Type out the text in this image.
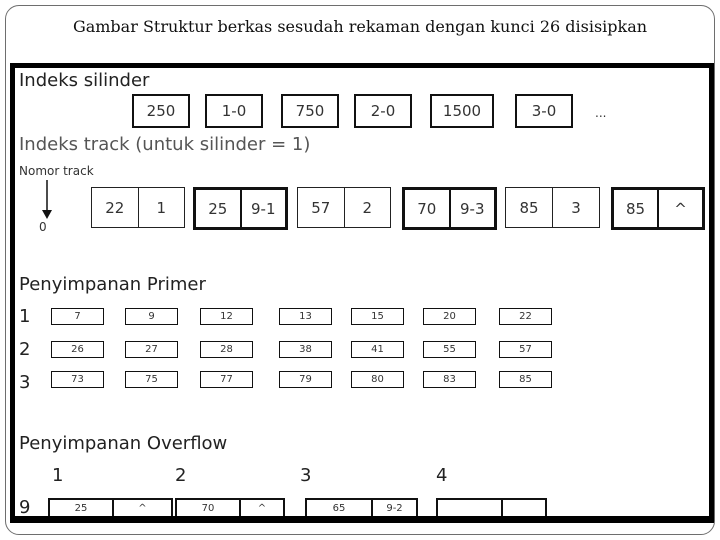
Gambar Struktur berkas sesudah rekaman dengan kunci 26 disisipkan
Indeks silinder
250	1-0	750	2-0	1500	3-0	...
Indeks track (untuk silinder = 1)
Nomor track
0
22	1	25	9-1	57	2	70	9-3	85	3	85	^
Penyimpanan Primer
1	7	9	12	13	15	20	22
2	26	27	28	38	41	55	57
3	73	75	77	79	80	83	85
Penyimpanan Overflow
1	2	3	4
9	25	^	70	^	65	9-2
